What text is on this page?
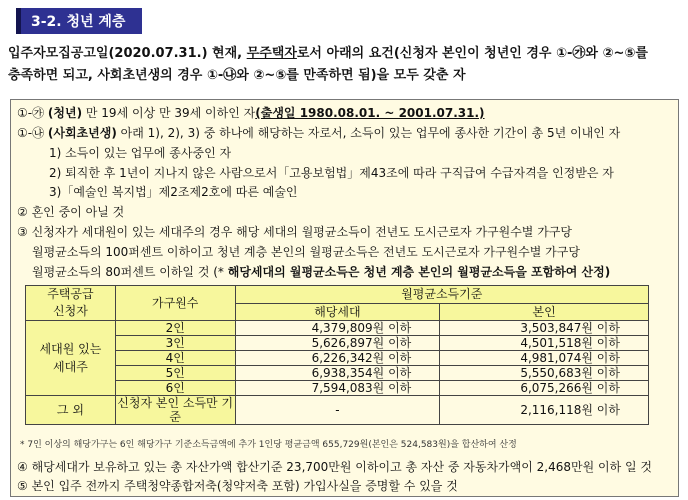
3-2. 청년 계층
입주자모집공고일(2020.07.31.) 현재, 무주택자로서 아래의 요건(신청자 본인이 청년인 경우 ①-㉮와 ②~⑤를
충족하면 되고, 사회초년생의 경우 ①-㉯와 ②~⑤를 만족하면 됨)을 모두 갖춘 자
①-㉮ (청년) 만 19세 이상 만 39세 이하인 자(출생일 1980.08.01. ~ 2001.07.31.)
①-㉯ (사회초년생) 아래 1), 2), 3) 중 하나에 해당하는 자로서, 소득이 있는 업무에 종사한 기간이 총 5년 이내인 자
1) 소득이 있는 업무에 종사중인 자
2) 퇴직한 후 1년이 지나지 않은 사람으로서「고용보험법」제43조에 따라 구직급여 수급자격을 인정받은 자
3)「예술인 복지법」제2조제2호에 따른 예술인
② 혼인 중이 아닐 것
③ 신청자가 세대원이 있는 세대주의 경우 해당 세대의 월평균소득이 전년도 도시근로자 가구원수별 가구당
월평균소득의 100퍼센트 이하이고 청년 계층 본인의 월평균소득은 전년도 도시근로자 가구원수별 가구당
월평균소득의 80퍼센트 이하일 것 (* 해당세대의 월평균소득은 청년 계층 본인의 월평균소득을 포함하여 산정)
④ 해당세대가 보유하고 있는 총 자산가액 합산기준 23,700만원 이하이고 총 자산 중 자동차가액이 2,468만원 이하 일 것
⑤ 본인 입주 전까지 주택청약종합저축(청약저축 포함) 가입사실을 증명할 수 있을 것
주택공급
신청자	가구원수	월평균소득기준	
		해당세대	본인

세대원 있는
세대주	2인	4,379,809원 이하	3,503,847원 이하
	3인	5,626,897원 이하	4,501,518원 이하
	4인	6,226,342원 이하	4,981,074원 이하
	5인	6,938,354원 이하	5,550,683원 이하
	6인	7,594,083원 이하	6,075,266원 이하
그 외	신청자 본인 소득만 기준	-	2,116,118원 이하
* 7인 이상의 해당가구는 6인 해당가구 기준소득금액에 추가 1인당 평균금액 655,729원(본인은 524,583원)을 합산하여 산정
